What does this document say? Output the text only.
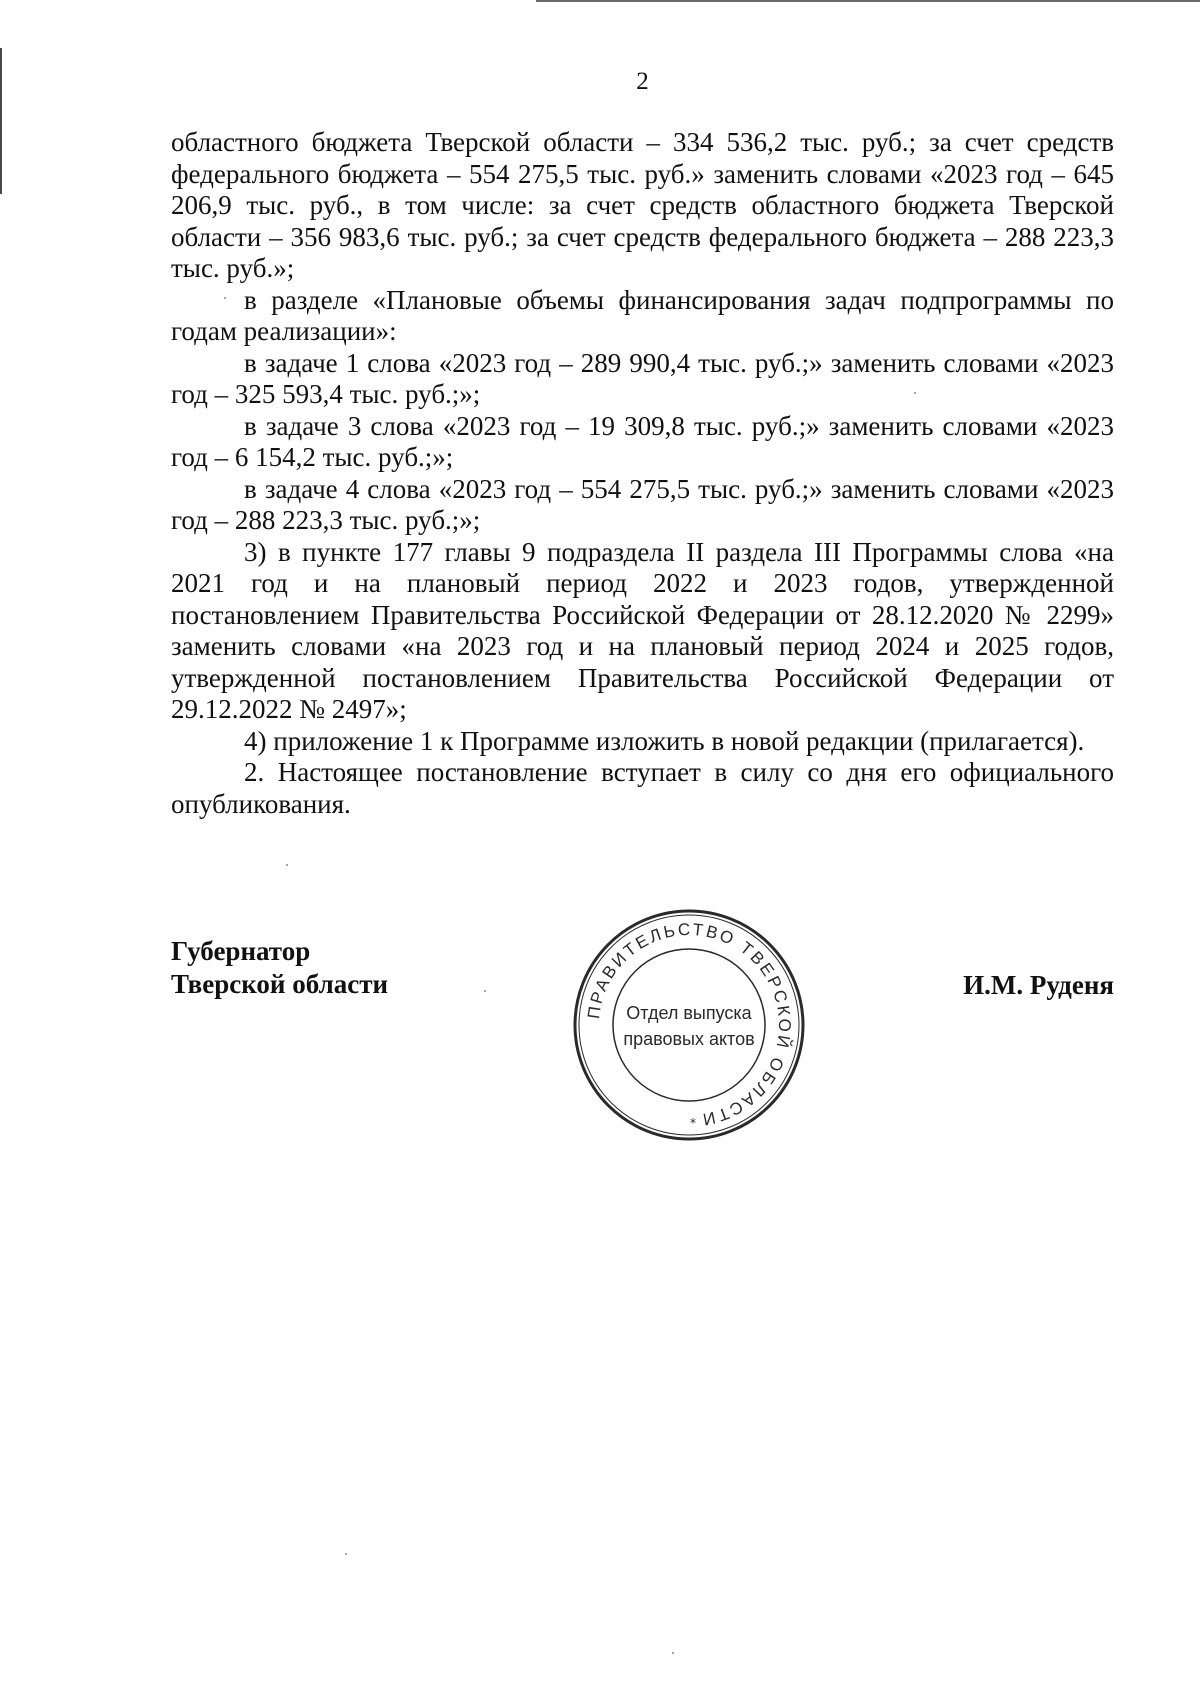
2

областного бюджета Тверской области – 334 536,2 тыс. руб.; за счет средств федерального бюджета – 554 275,5 тыс. руб.» заменить словами «2023 год – 645 206,9 тыс. руб., в том числе: за счет средств областного бюджета Тверской области – 356 983,6 тыс. руб.; за счет средств федерального бюджета – 288 223,3 тыс. руб.»;

в разделе «Плановые объемы финансирования задач подпрограммы по годам реализации»:

в задаче 1 слова «2023 год – 289 990,4 тыс. руб.;» заменить словами «2023 год – 325 593,4 тыс. руб.;»;

в задаче 3 слова «2023 год – 19 309,8 тыс. руб.;» заменить словами «2023 год – 6 154,2 тыс. руб.;»;

в задаче 4 слова «2023 год – 554 275,5 тыс. руб.;» заменить словами «2023 год – 288 223,3 тыс. руб.;»;

3) в пункте 177 главы 9 подраздела II раздела III Программы слова «на 2021 год и на плановый период 2022 и 2023 годов, утвержденной постановлением Правительства Российской Федерации от 28.12.2020 № 2299» заменить словами «на 2023 год и на плановый период 2024 и 2025 годов, утвержденной постановлением Правительства Российской Федерации от 29.12.2022 № 2497»;

4) приложение 1 к Программе изложить в новой редакции (прилагается).

2. Настоящее постановление вступает в силу со дня его официального опубликования.

Губернатор
Тверской области	И.М. Руденя
ПРАВИТЕЛЬСТВО ТВЕРСКОЙ ОБЛАСТИ
Отдел выпуска
правовых актов
*
